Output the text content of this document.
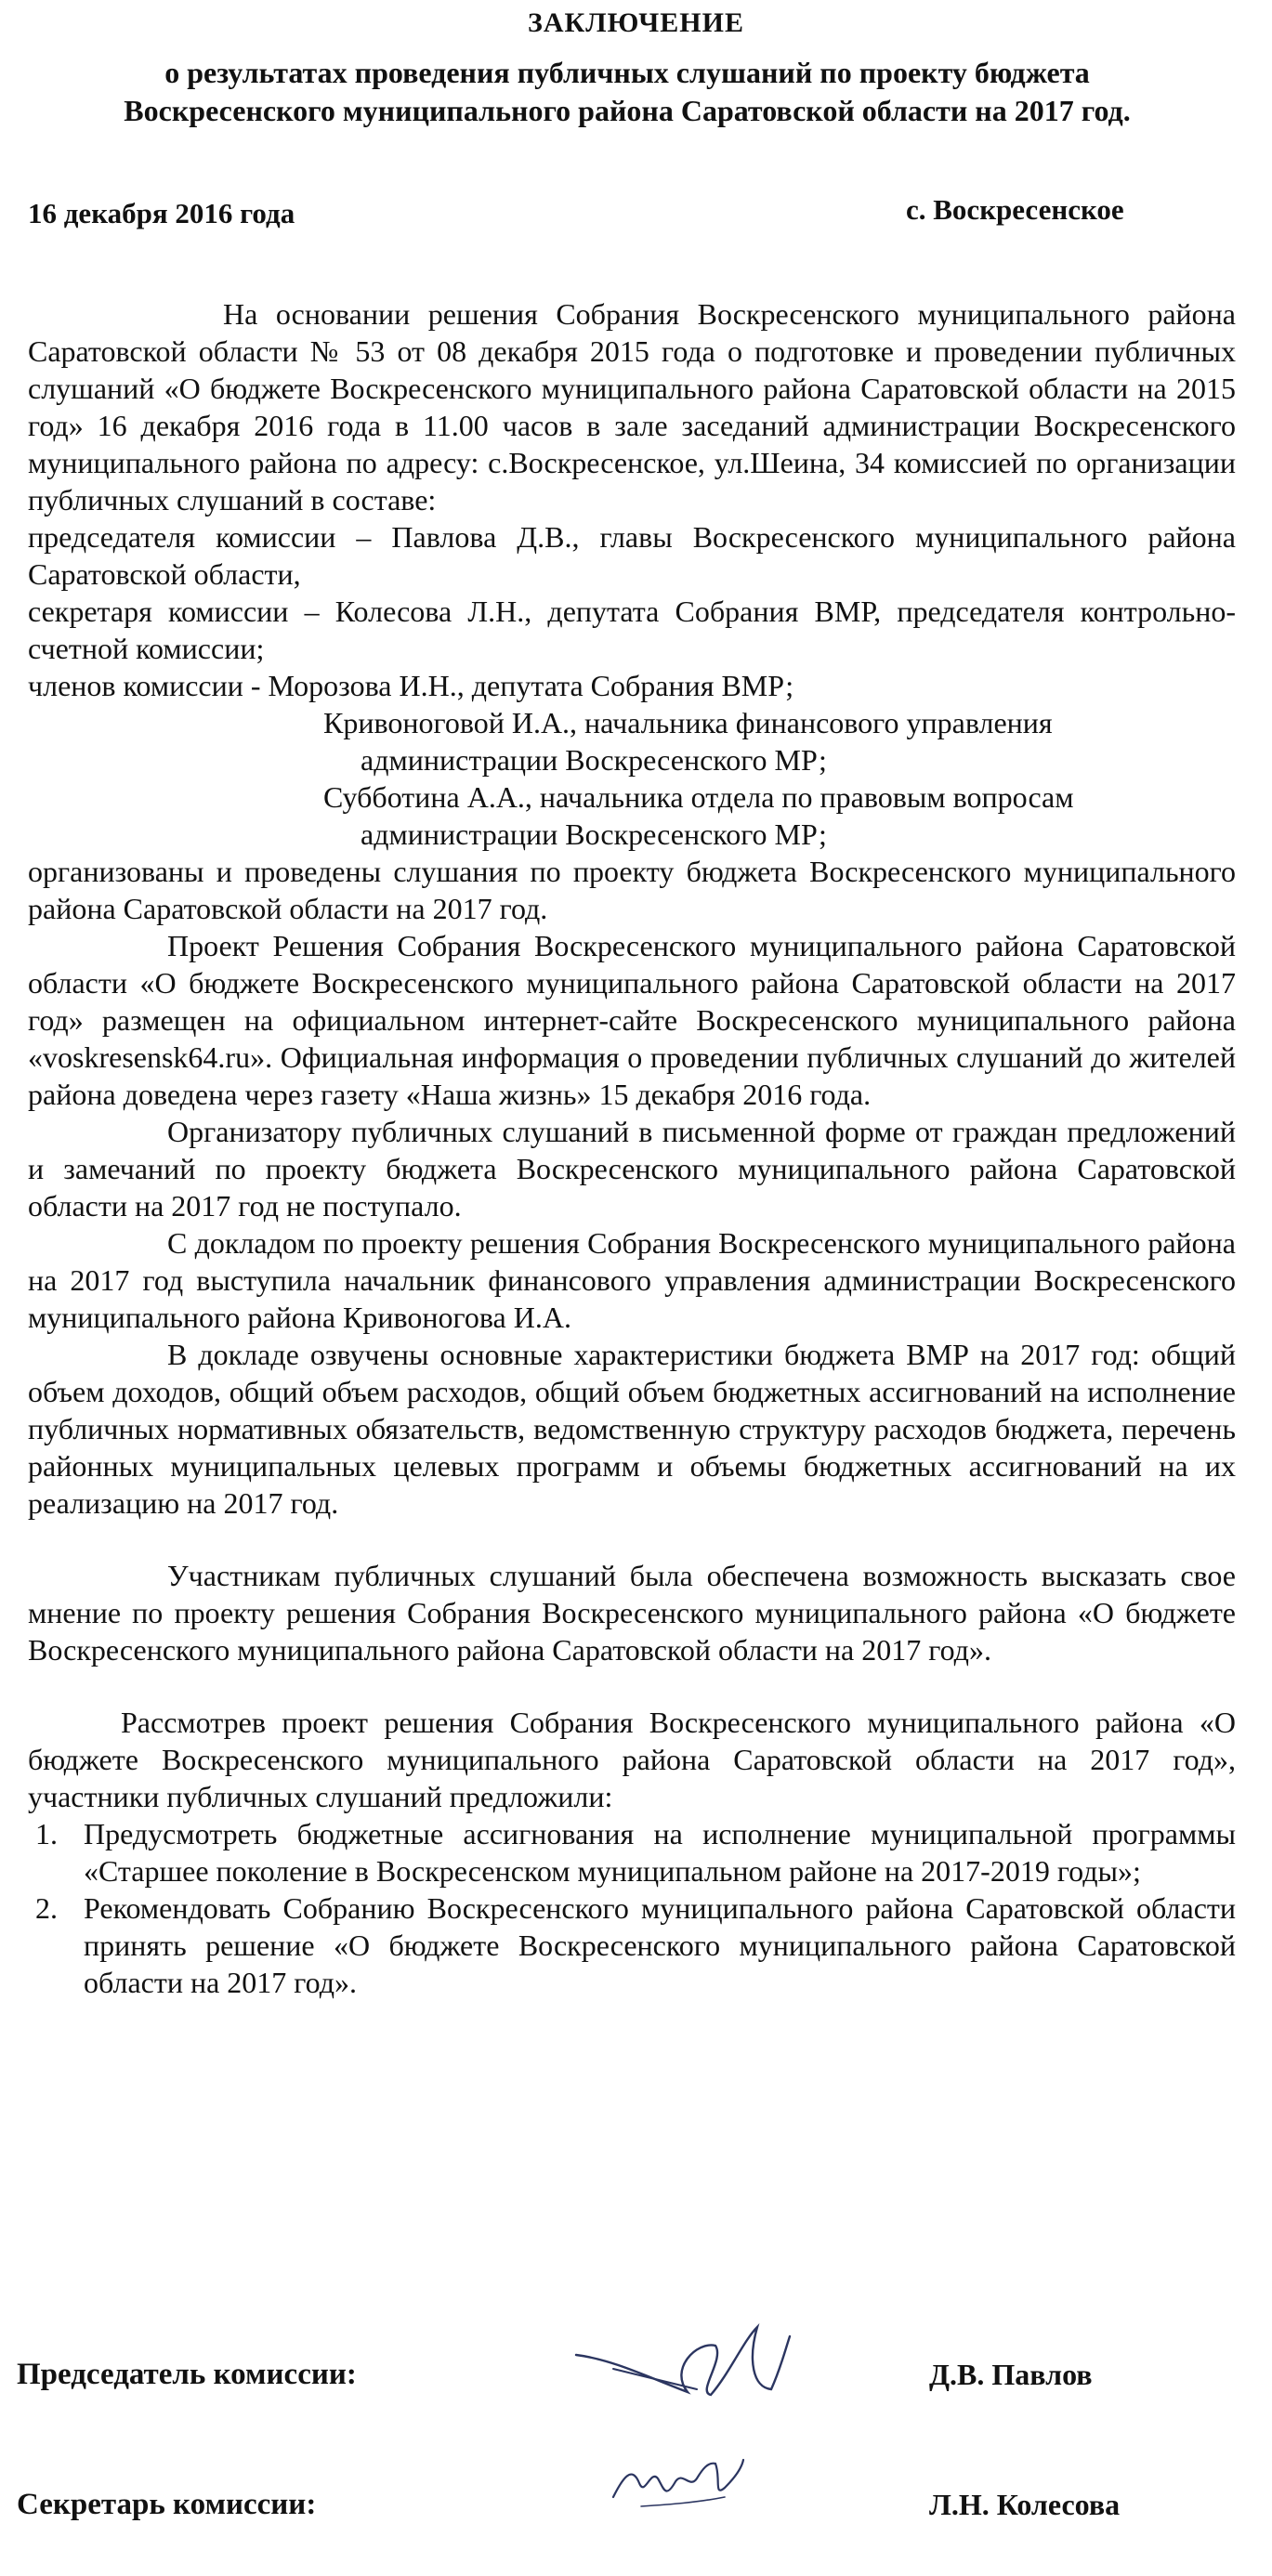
ЗАКЛЮЧЕНИЕ
о результатах проведения публичных слушаний по проекту бюджета
Воскресенского муниципального района Саратовской области на 2017 год.
16 декабря 2016 года	с. Воскресенское

На основании решения Собрания Воскресенского муниципального района Саратовской области № 53 от 08 декабря 2015 года о подготовке и проведении публичных слушаний «О бюджете Воскресенского муниципального района Саратовской области на 2015 год» 16 декабря 2016 года в 11.00 часов в зале заседаний администрации Воскресенского муниципального района по адресу: с.Воскресенское, ул.Шеина, 34 комиссией по организации публичных слушаний в составе:

председателя комиссии – Павлова Д.В., главы Воскресенского муниципального района Саратовской области,

секретаря комиссии – Колесова Л.Н., депутата Собрания ВМР, председателя контрольно-счетной комиссии;

членов комиссии - Морозова И.Н., депутата Собрания ВМР;

Кривоноговой И.А., начальника финансового управления

администрации Воскресенского МР;

Субботина А.А., начальника отдела по правовым вопросам

администрации Воскресенского МР;

организованы и проведены слушания по проекту бюджета Воскресенского муниципального района Саратовской области на 2017 год.

Проект Решения Собрания Воскресенского муниципального района Саратовской области «О бюджете Воскресенского муниципального района Саратовской области на 2017 год» размещен на официальном интернет-сайте Воскресенского муниципального района «voskresensk64.ru». Официальная информация о проведении публичных слушаний до жителей района доведена через газету «Наша жизнь» 15 декабря 2016 года.

Организатору публичных слушаний в письменной форме от граждан предложений и замечаний по проекту бюджета Воскресенского муниципального района Саратовской области на 2017 год не поступало.

С докладом по проекту решения Собрания Воскресенского муниципального района на 2017 год выступила начальник финансового управления администрации Воскресенского муниципального района Кривоногова И.А.

В докладе озвучены основные характеристики бюджета ВМР на 2017 год: общий объем доходов, общий объем расходов, общий объем бюджетных ассигнований на исполнение публичных нормативных обязательств, ведомственную структуру расходов бюджета, перечень районных муниципальных целевых программ и объемы бюджетных ассигнований на их реализацию на 2017 год.

Участникам публичных слушаний была обеспечена возможность высказать свое мнение по проекту решения Собрания Воскресенского муниципального района «О бюджете Воскресенского муниципального района Саратовской области на 2017 год».

Рассмотрев проект решения Собрания Воскресенского муниципального района «О бюджете Воскресенского муниципального района Саратовской области на 2017 год», участники публичных слушаний предложили:

1. Предусмотреть бюджетные ассигнования на исполнение муниципальной программы «Старшее поколение в Воскресенском муниципальном районе на 2017-2019 годы»;
2. Рекомендовать Собранию Воскресенского муниципального района Саратовской области принять решение «О бюджете Воскресенского муниципального района Саратовской области на 2017 год».
Председатель комиссии:	Д.В. Павлов
Секретарь комиссии:	Л.Н. Колесова
